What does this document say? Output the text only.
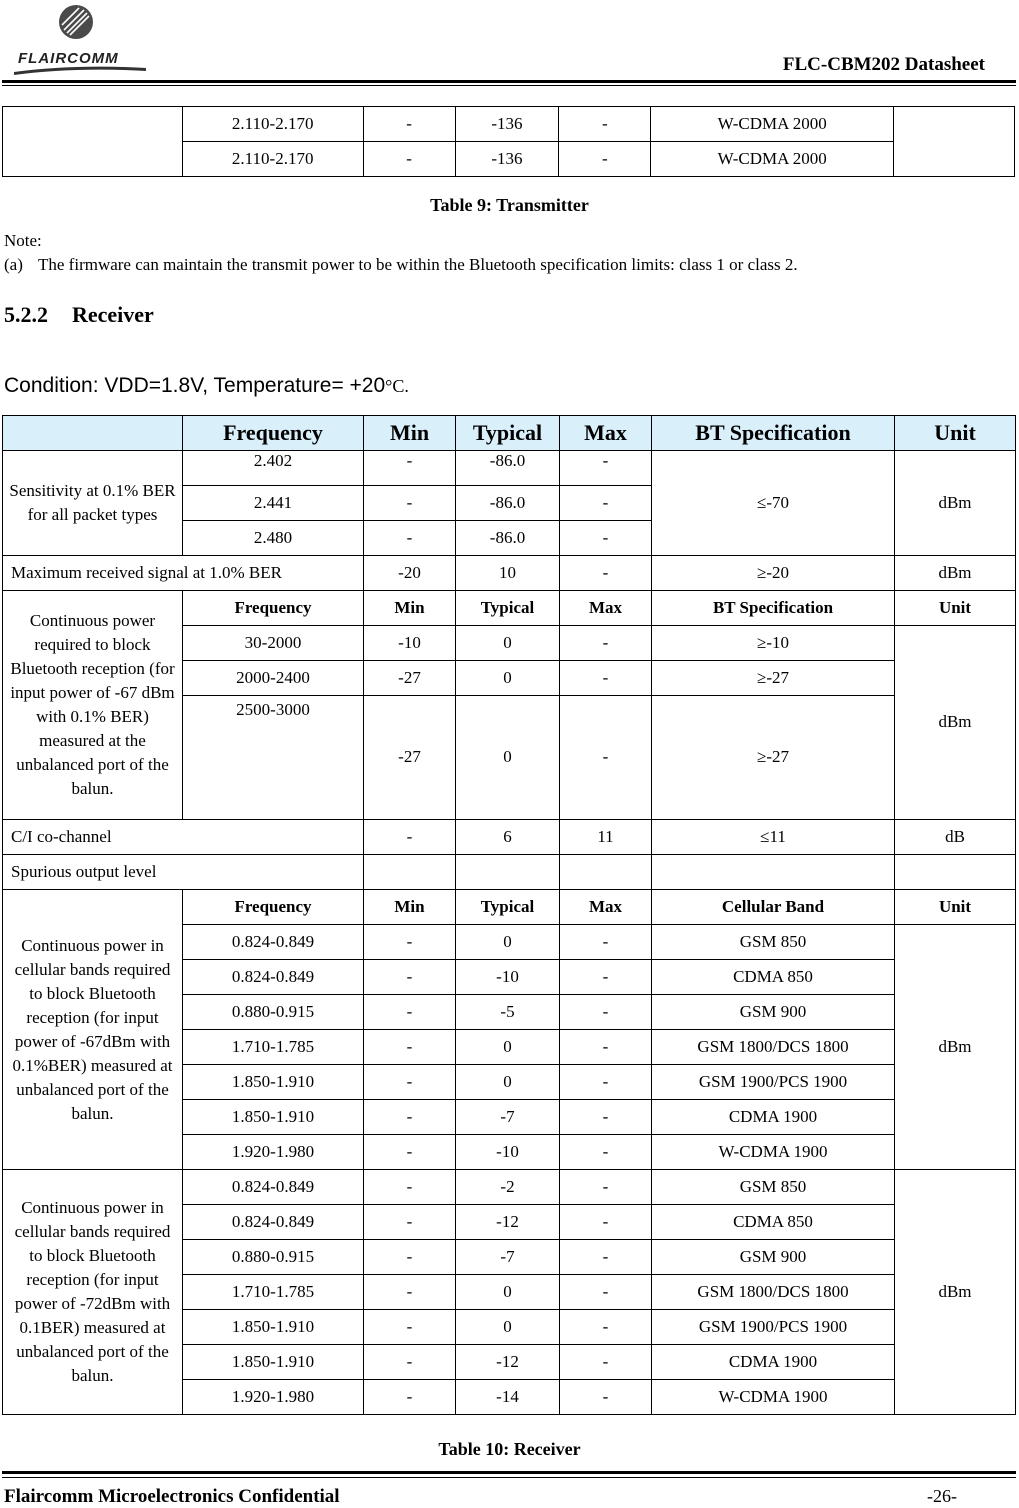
FLAIRCOMM	FLC-CBM202 Datasheet
	2.110-2.170	-	-136	-	W-CDMA 2000	
	2.110-2.170	-	-136	-	W-CDMA 2000	
Table 9: Transmitter
Note:
(a) The firmware can maintain the transmit power to be within the Bluetooth specification limits: class 1 or class 2.
5.2.2 Receiver
Condition: VDD=1.8V, Temperature= +20°C.
	Frequency	Min	Typical	Max	BT Specification	Unit
Sensitivity at 0.1% BER for all packet types	2.402	-	-86.0	-	≤-70	dBm
	2.441	-	-86.0	-		
	2.480	-	-86.0	-		
Maximum received signal at 1.0% BER		-20	10	-	≥-20	dBm
Continuous power required to block Bluetooth reception (for input power of -67 dBm with 0.1% BER) measured at the unbalanced port of the balun.	Frequency	Min	Typical	Max	BT Specification	Unit
	30-2000	-10	0	-	≥-10	dBm
	2000-2400	-27	0	-	≥-27	
	2500-3000	-27	0	-	≥-27	
C/I co-channel		-	6	11	≤11	dB
Spurious output level						
Continuous power in cellular bands required to block Bluetooth reception (for input power of -67dBm with 0.1%BER) measured at unbalanced port of the balun.	Frequency	Min	Typical	Max	Cellular Band	Unit
	0.824-0.849	-	0	-	GSM 850	dBm
	0.824-0.849	-	-10	-	CDMA 850	
	0.880-0.915	-	-5	-	GSM 900	
	1.710-1.785	-	0	-	GSM 1800/DCS 1800	
	1.850-1.910	-	0	-	GSM 1900/PCS 1900	
	1.850-1.910	-	-7	-	CDMA 1900	
	1.920-1.980	-	-10	-	W-CDMA 1900	
Continuous power in cellular bands required to block Bluetooth reception (for input power of -72dBm with 0.1BER) measured at unbalanced port of the balun.	0.824-0.849	-	-2	-	GSM 850	dBm
	0.824-0.849	-	-12	-	CDMA 850	
	0.880-0.915	-	-7	-	GSM 900	
	1.710-1.785	-	0	-	GSM 1800/DCS 1800	
	1.850-1.910	-	0	-	GSM 1900/PCS 1900	
	1.850-1.910	-	-12	-	CDMA 1900	
	1.920-1.980	-	-14	-	W-CDMA 1900	
Table 10: Receiver
Flaircomm Microelectronics Confidential	-26-
